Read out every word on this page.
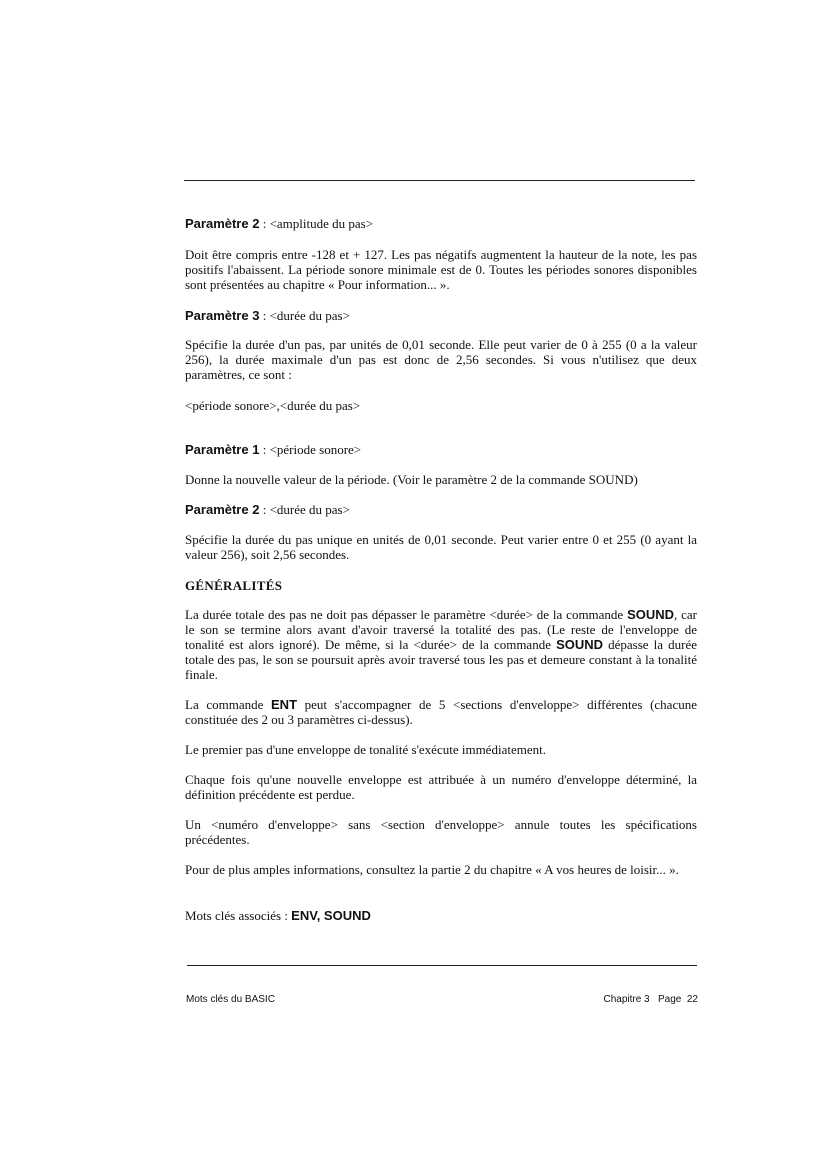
Paramètre 2 : <amplitude du pas>
Doit être compris entre -128 et + 127. Les pas négatifs augmentent la hauteur de la note, les pas positifs l'abaissent. La période sonore minimale est de 0. Toutes les périodes sonores disponibles sont présentées au chapitre « Pour information... ».
Paramètre 3 : <durée du pas>
Spécifie la durée d'un pas, par unités de 0,01 seconde. Elle peut varier de 0 à 255 (0 a la valeur 256), la durée maximale d'un pas est donc de 2,56 secondes. Si vous n'utilisez que deux paramètres, ce sont :
<période sonore>,<durée du pas>
Paramètre 1 : <période sonore>
Donne la nouvelle valeur de la période. (Voir le paramètre 2 de la commande SOUND)
Paramètre 2 : <durée du pas>
Spécifie la durée du pas unique en unités de 0,01 seconde. Peut varier entre 0 et 255 (0 ayant la valeur 256), soit 2,56 secondes.
GÉNÉRALITÉS
La durée totale des pas ne doit pas dépasser le paramètre <durée> de la commande SOUND, car le son se termine alors avant d'avoir traversé la totalité des pas. (Le reste de l'enveloppe de tonalité est alors ignoré). De même, si la <durée> de la commande SOUND dépasse la durée totale des pas, le son se poursuit après avoir traversé tous les pas et demeure constant à la tonalité finale.
La commande ENT peut s'accompagner de 5 <sections d'enveloppe> différentes (chacune constituée des 2 ou 3 paramètres ci-dessus).
Le premier pas d'une enveloppe de tonalité s'exécute immédiatement.
Chaque fois qu'une nouvelle enveloppe est attribuée à un numéro d'enveloppe déterminé, la définition précédente est perdue.
Un <numéro d'enveloppe> sans <section d'enveloppe> annule toutes les spécifications précédentes.
Pour de plus amples informations, consultez la partie 2 du chapitre « A vos heures de loisir... ».
Mots clés associés : ENV, SOUND
Mots clés du BASIC	Chapitre 3   Page  22
